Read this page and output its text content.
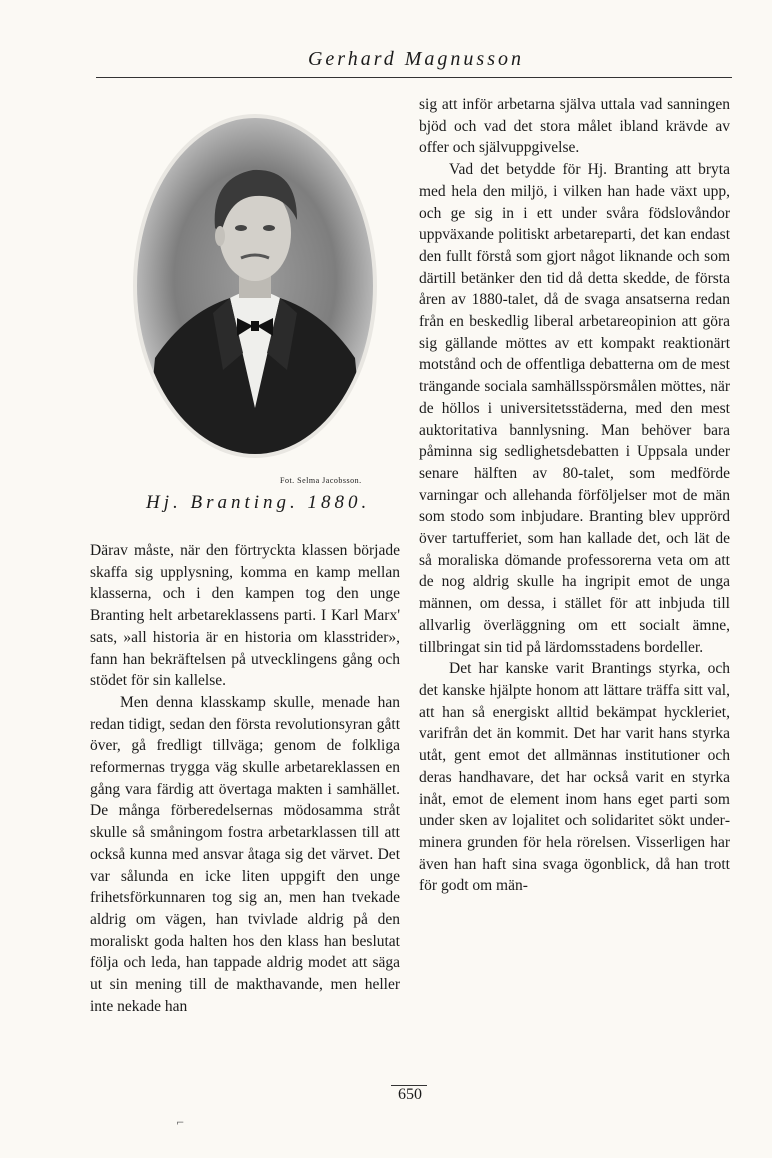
Gerhard Magnusson
Fot. Selma Jacobsson.
Hj. Branting. 1880.

Därav måste, när den förtryckta klassen började skaffa sig upplysning, komma en kamp mellan klasserna, och i den kampen tog den unge Branting helt arbetareklassens parti. I Karl Marx' sats, »all historia är en historia om klasstrider», fann han bekräftelsen på utvecklingens gång och stödet för sin kallelse.

Men denna klasskamp skulle, menade han redan tidigt, sedan den första revolutionsyran gått över, gå fredligt tillväga; genom de folkliga reformernas trygga väg skulle arbetareklassen en gång vara färdig att övertaga makten i samhället. De många förberedelsernas mödosamma stråt skulle så småningom fostra arbetarklassen till att också kunna med ansvar åtaga sig det värvet. Det var sålunda en icke liten uppgift den unge frihetsförkunnaren tog sig an, men han tvekade aldrig om vägen, han tvivlade aldrig på den moraliskt goda halten hos den klass han beslutat följa och leda, han tappade aldrig modet att säga ut sin mening till de makthavande, men heller inte nekade han

sig att inför arbetarna själva uttala vad sanningen bjöd och vad det stora målet ibland krävde av offer och självuppgivelse.

Vad det betydde för Hj. Branting att bryta med hela den miljö, i vilken han hade växt upp, och ge sig in i ett under svåra födslovåndor uppväxande politiskt arbetareparti, det kan endast den fullt förstå som gjort något liknande och som därtill betänker den tid då detta skedde, de första åren av 1880-talet, då de svaga ansatserna redan från en beskedlig liberal arbetareopinion att göra sig gällande möttes av ett kompakt reaktionärt motstånd och de offentliga debatterna om de mest trängande sociala samhällsspörsmålen möttes, när de höllos i universitetsstäderna, med den mest auktoritativa bannlysning. Man behöver bara påminna sig sedlighetsdebatten i Uppsala under senare hälften av 80-talet, som medförde varningar och allehanda förföljelser mot de män som stodo som inbjudare. Branting blev upprörd över tartufferiet, som han kallade det, och lät de så moraliska dömande professorerna veta om att de nog aldrig skulle ha ingripit emot de unga männen, om dessa, i stället för att inbjuda till allvarlig överläggning om ett socialt ämne, tillbringat sin tid på lärdomsstadens bordeller.

Det har kanske varit Brantings styrka, och det kanske hjälpte honom att lättare träffa sitt val, att han så energiskt alltid bekämpat hyckleriet, varifrån det än kommit. Det har varit hans styrka utåt, gent emot det allmännas institutioner och deras handhavare, det har också varit en styrka inåt, emot de element inom hans eget parti som under sken av lojalitet och solidaritet sökt underminera grunden för hela rörelsen. Visserligen har även han haft sina svaga ögonblick, då han trott för godt om män-

650
⌐
